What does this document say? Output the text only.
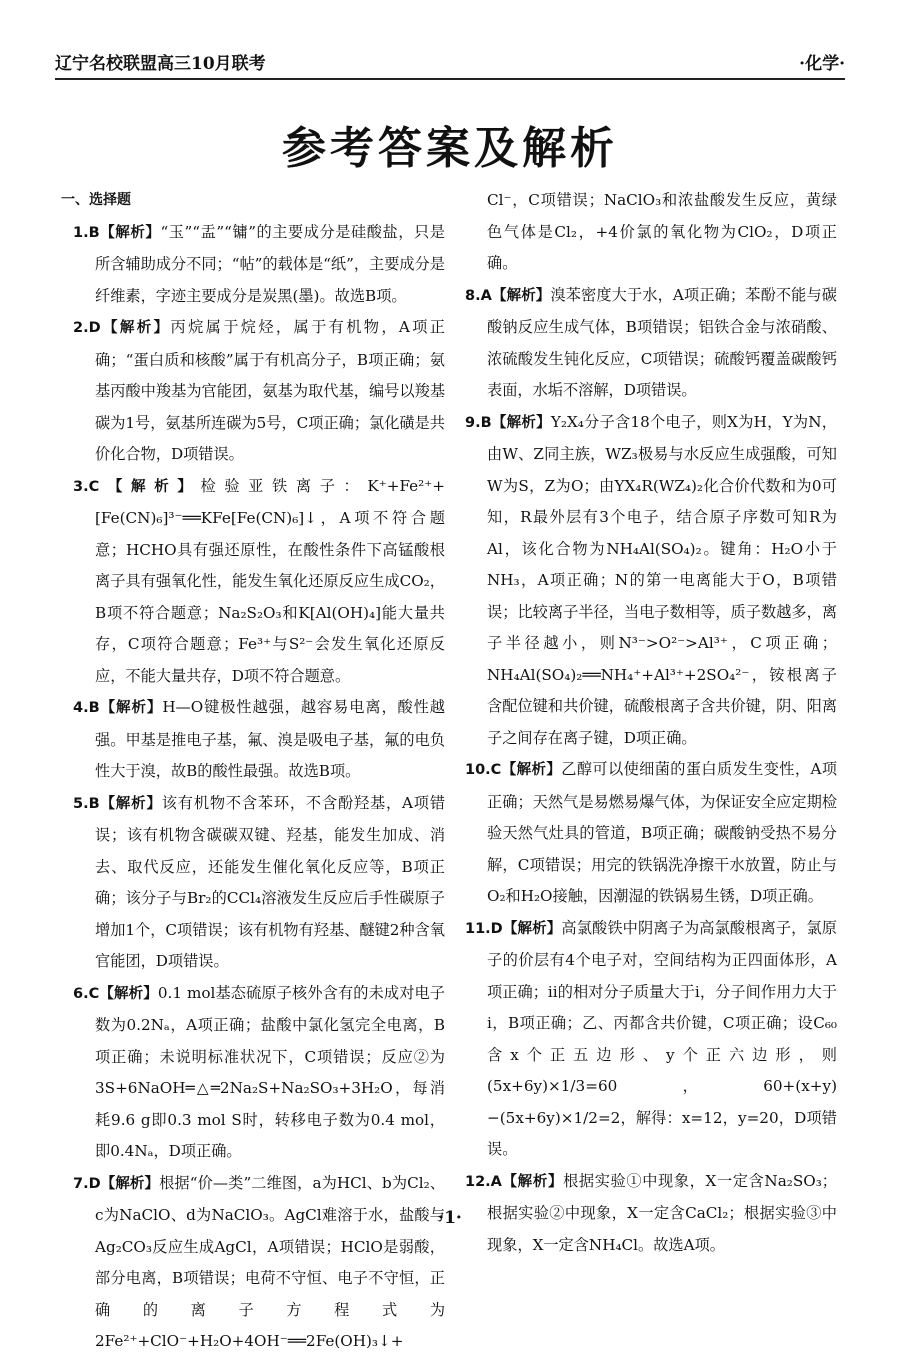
辽宁名校联盟高三10月联考	·化学·
参考答案及解析
一、选择题

1.B【解析】“玉”“盂”“镛”的主要成分是硅酸盐，只是所含辅助成分不同；“帖”的载体是“纸”，主要成分是纤维素，字迹主要成分是炭黑(墨)。故选B项。

2.D【解析】丙烷属于烷烃，属于有机物，A项正确；“蛋白质和核酸”属于有机高分子，B项正确；氨基丙酸中羧基为官能团，氨基为取代基，编号以羧基碳为1号，氨基所连碳为5号，C项正确；氯化磺是共价化合物，D项错误。

3.C【解析】检验亚铁离子：K⁺+Fe²⁺+[Fe(CN)₆]³⁻══KFe[Fe(CN)₆]↓，A项不符合题意；HCHO具有强还原性，在酸性条件下高锰酸根离子具有强氧化性，能发生氧化还原反应生成CO₂，B项不符合题意；Na₂S₂O₃和K[Al(OH)₄]能大量共存，C项符合题意；Fe³⁺与S²⁻会发生氧化还原反应，不能大量共存，D项不符合题意。

4.B【解析】H—O键极性越强，越容易电离，酸性越强。甲基是推电子基，氟、溴是吸电子基，氟的电负性大于溴，故B的酸性最强。故选B项。

5.B【解析】该有机物不含苯环，不含酚羟基，A项错误；该有机物含碳碳双键、羟基，能发生加成、消去、取代反应，还能发生催化氧化反应等，B项正确；该分子与Br₂的CCl₄溶液发生反应后手性碳原子增加1个，C项错误；该有机物有羟基、醚键2种含氧官能团，D项错误。

6.C【解析】0.1 mol基态硫原子核外含有的未成对电子数为0.2Nₐ，A项正确；盐酸中氯化氢完全电离，B项正确；未说明标准状况下，C项错误；反应②为3S+6NaOH═△═2Na₂S+Na₂SO₃+3H₂O，每消耗9.6 g即0.3 mol S时，转移电子数为0.4 mol，即0.4Nₐ，D项正确。

7.D【解析】根据“价—类”二维图，a为HCl、b为Cl₂、c为NaClO、d为NaClO₃。AgCl难溶于水，盐酸与Ag₂CO₃反应生成AgCl，A项错误；HClO是弱酸，部分电离，B项错误；电荷不守恒、电子不守恒，正确的离子方程式为2Fe²⁺+ClO⁻+H₂O+4OH⁻══2Fe(OH)₃↓+

Cl⁻，C项错误；NaClO₃和浓盐酸发生反应，黄绿色气体是Cl₂，+4价氯的氧化物为ClO₂，D项正确。

8.A【解析】溴苯密度大于水，A项正确；苯酚不能与碳酸钠反应生成气体，B项错误；铝铁合金与浓硝酸、浓硫酸发生钝化反应，C项错误；硫酸钙覆盖碳酸钙表面，水垢不溶解，D项错误。

9.B【解析】Y₂X₄分子含18个电子，则X为H，Y为N，由W、Z同主族，WZ₃极易与水反应生成强酸，可知W为S，Z为O；由YX₄R(WZ₄)₂化合价代数和为0可知，R最外层有3个电子，结合原子序数可知R为Al，该化合物为NH₄Al(SO₄)₂。键角：H₂O小于NH₃，A项正确；N的第一电离能大于O，B项错误；比较离子半径，当电子数相等，质子数越多，离子半径越小，则N³⁻>O²⁻>Al³⁺，C项正确；NH₄Al(SO₄)₂══NH₄⁺+Al³⁺+2SO₄²⁻，铵根离子含配位键和共价键，硫酸根离子含共价键，阴、阳离子之间存在离子键，D项正确。

10.C【解析】乙醇可以使细菌的蛋白质发生变性，A项正确；天然气是易燃易爆气体，为保证安全应定期检验天然气灶具的管道，B项正确；碳酸钠受热不易分解，C项错误；用完的铁锅洗净擦干水放置，防止与O₂和H₂O接触，因潮湿的铁锅易生锈，D项正确。

11.D【解析】高氯酸铁中阴离子为高氯酸根离子，氯原子的价层有4个电子对，空间结构为正四面体形，A项正确；ii的相对分子质量大于i，分子间作用力大于i，B项正确；乙、丙都含共价键，C项正确；设C₆₀含x个正五边形、y个正六边形，则(5x+6y)×1/3=60，60+(x+y)−(5x+6y)×1/2=2，解得：x=12，y=20，D项错误。

12.A【解析】根据实验①中现象，X一定含Na₂SO₃；根据实验②中现象，X一定含CaCl₂；根据实验③中现象，X一定含NH₄Cl。故选A项。

·1·
